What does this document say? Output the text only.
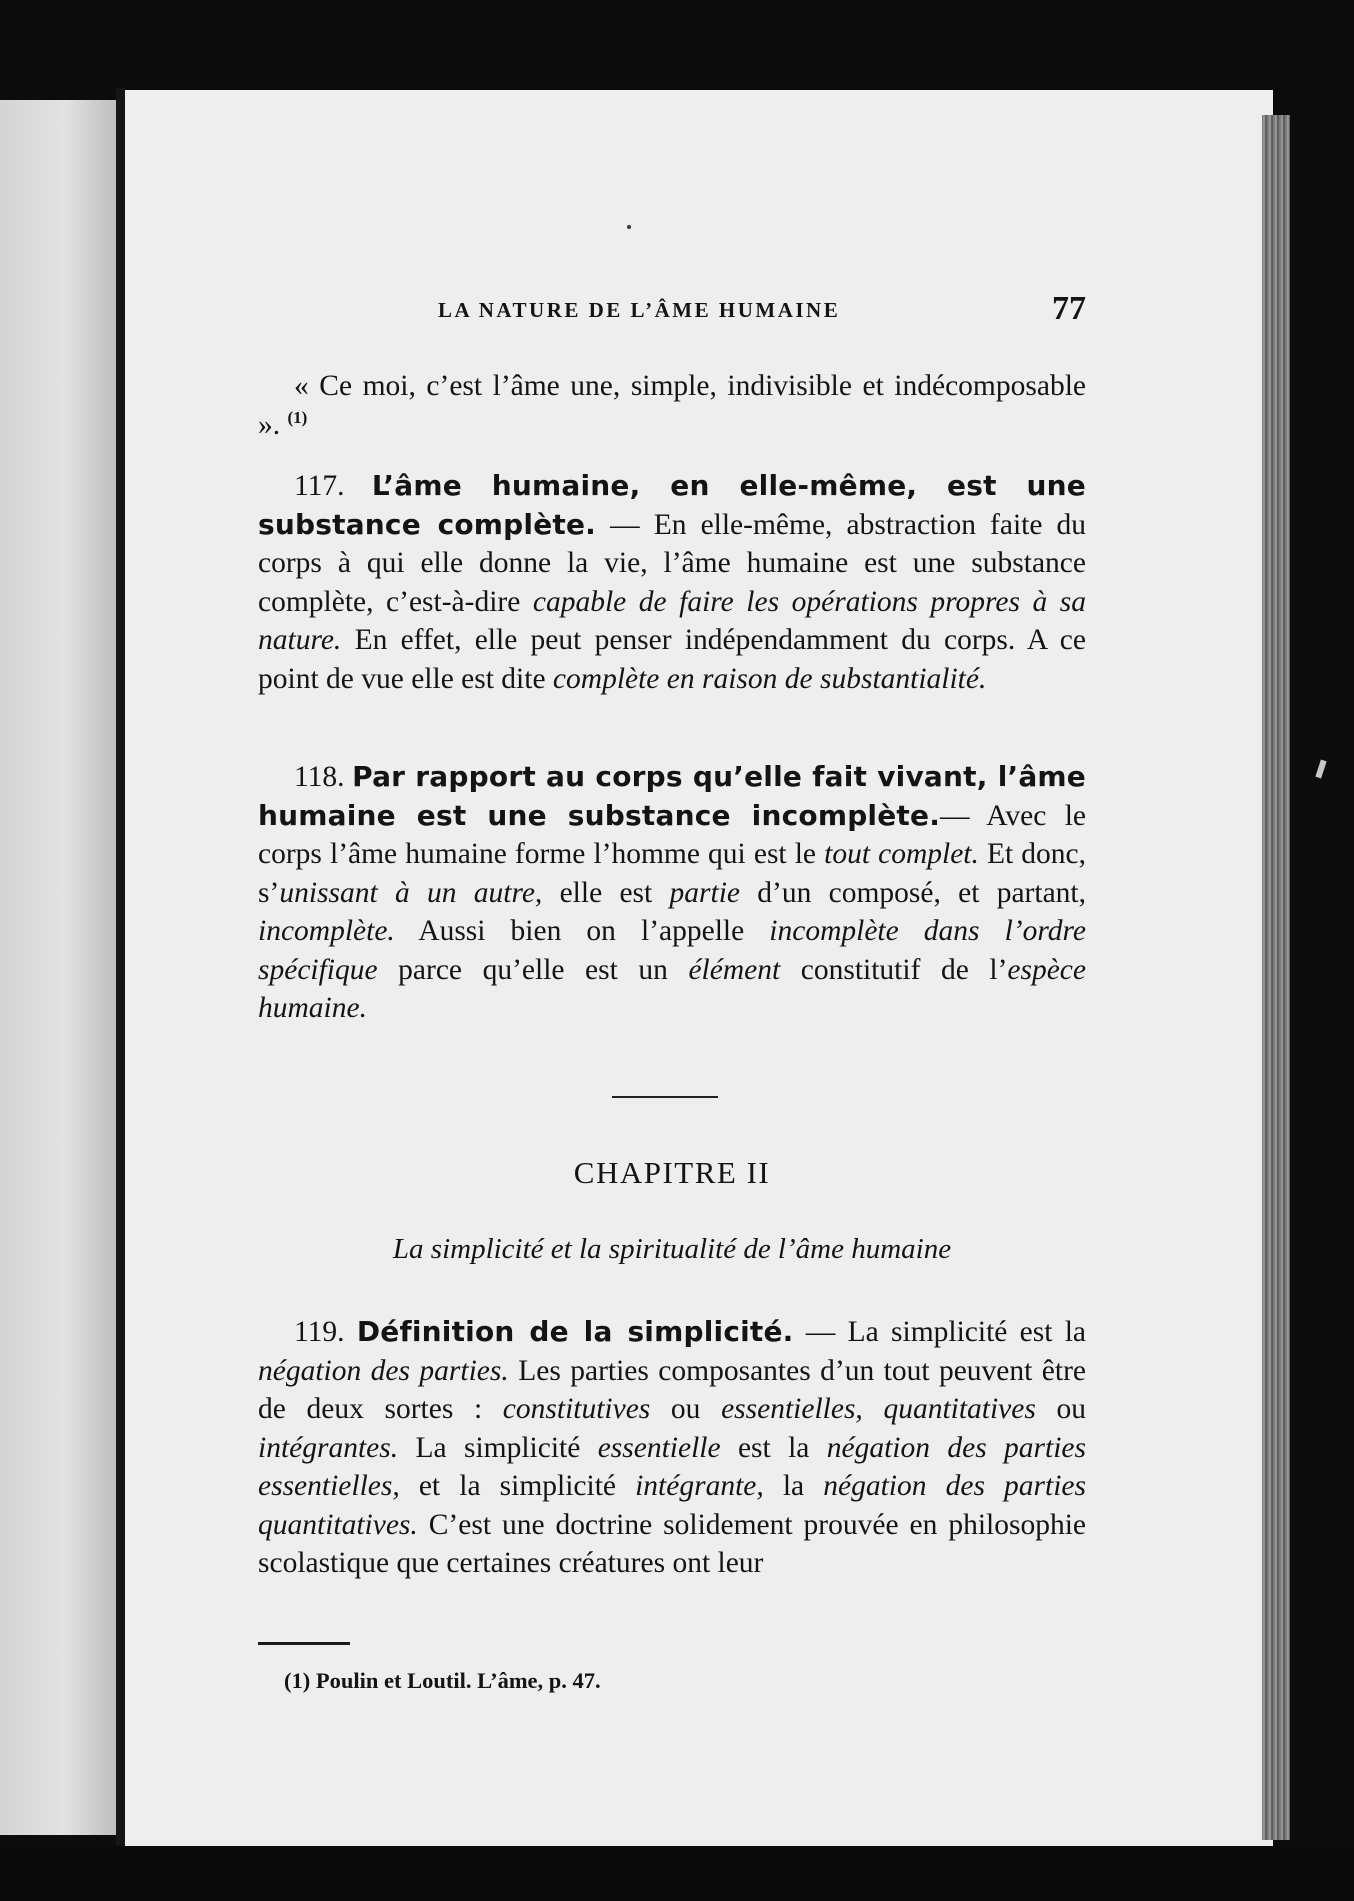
LA NATURE DE L’ÂME HUMAINE	77

« Ce moi, c’est l’âme une, simple, indivisible et indécomposable ». $^{(1)}$

117. L’âme humaine, en elle-même, est une substance complète. — En elle-même, abstraction faite du corps à qui elle donne la vie, l’âme humaine est une substance complète, c’est-à-dire capable de faire les opérations propres à sa nature. En effet, elle peut penser indépendamment du corps. A ce point de vue elle est dite complète en raison de substantialité.

118. Par rapport au corps qu’elle fait vivant, l’âme humaine est une substance incomplète.— Avec le corps l’âme humaine forme l’homme qui est le tout complet. Et donc, s’unissant à un autre, elle est partie d’un composé, et partant, incomplète. Aussi bien on l’appelle incomplète dans l’ordre spécifique parce qu’elle est un élément constitutif de l’espèce humaine.

CHAPITRE II
La simplicité et la spiritualité de l’âme humaine

119. Définition de la simplicité. — La simplicité est la négation des parties. Les parties composantes d’un tout peuvent être de deux sortes : constitutives ou essentielles, quantitatives ou intégrantes. La simplicité essentielle est la négation des parties essentielles, et la simplicité intégrante, la négation des parties quantitatives. C’est une doctrine solidement prouvée en philosophie scolastique que certaines créatures ont leur

(1) Poulin et Loutil. L’âme, p. 47.
